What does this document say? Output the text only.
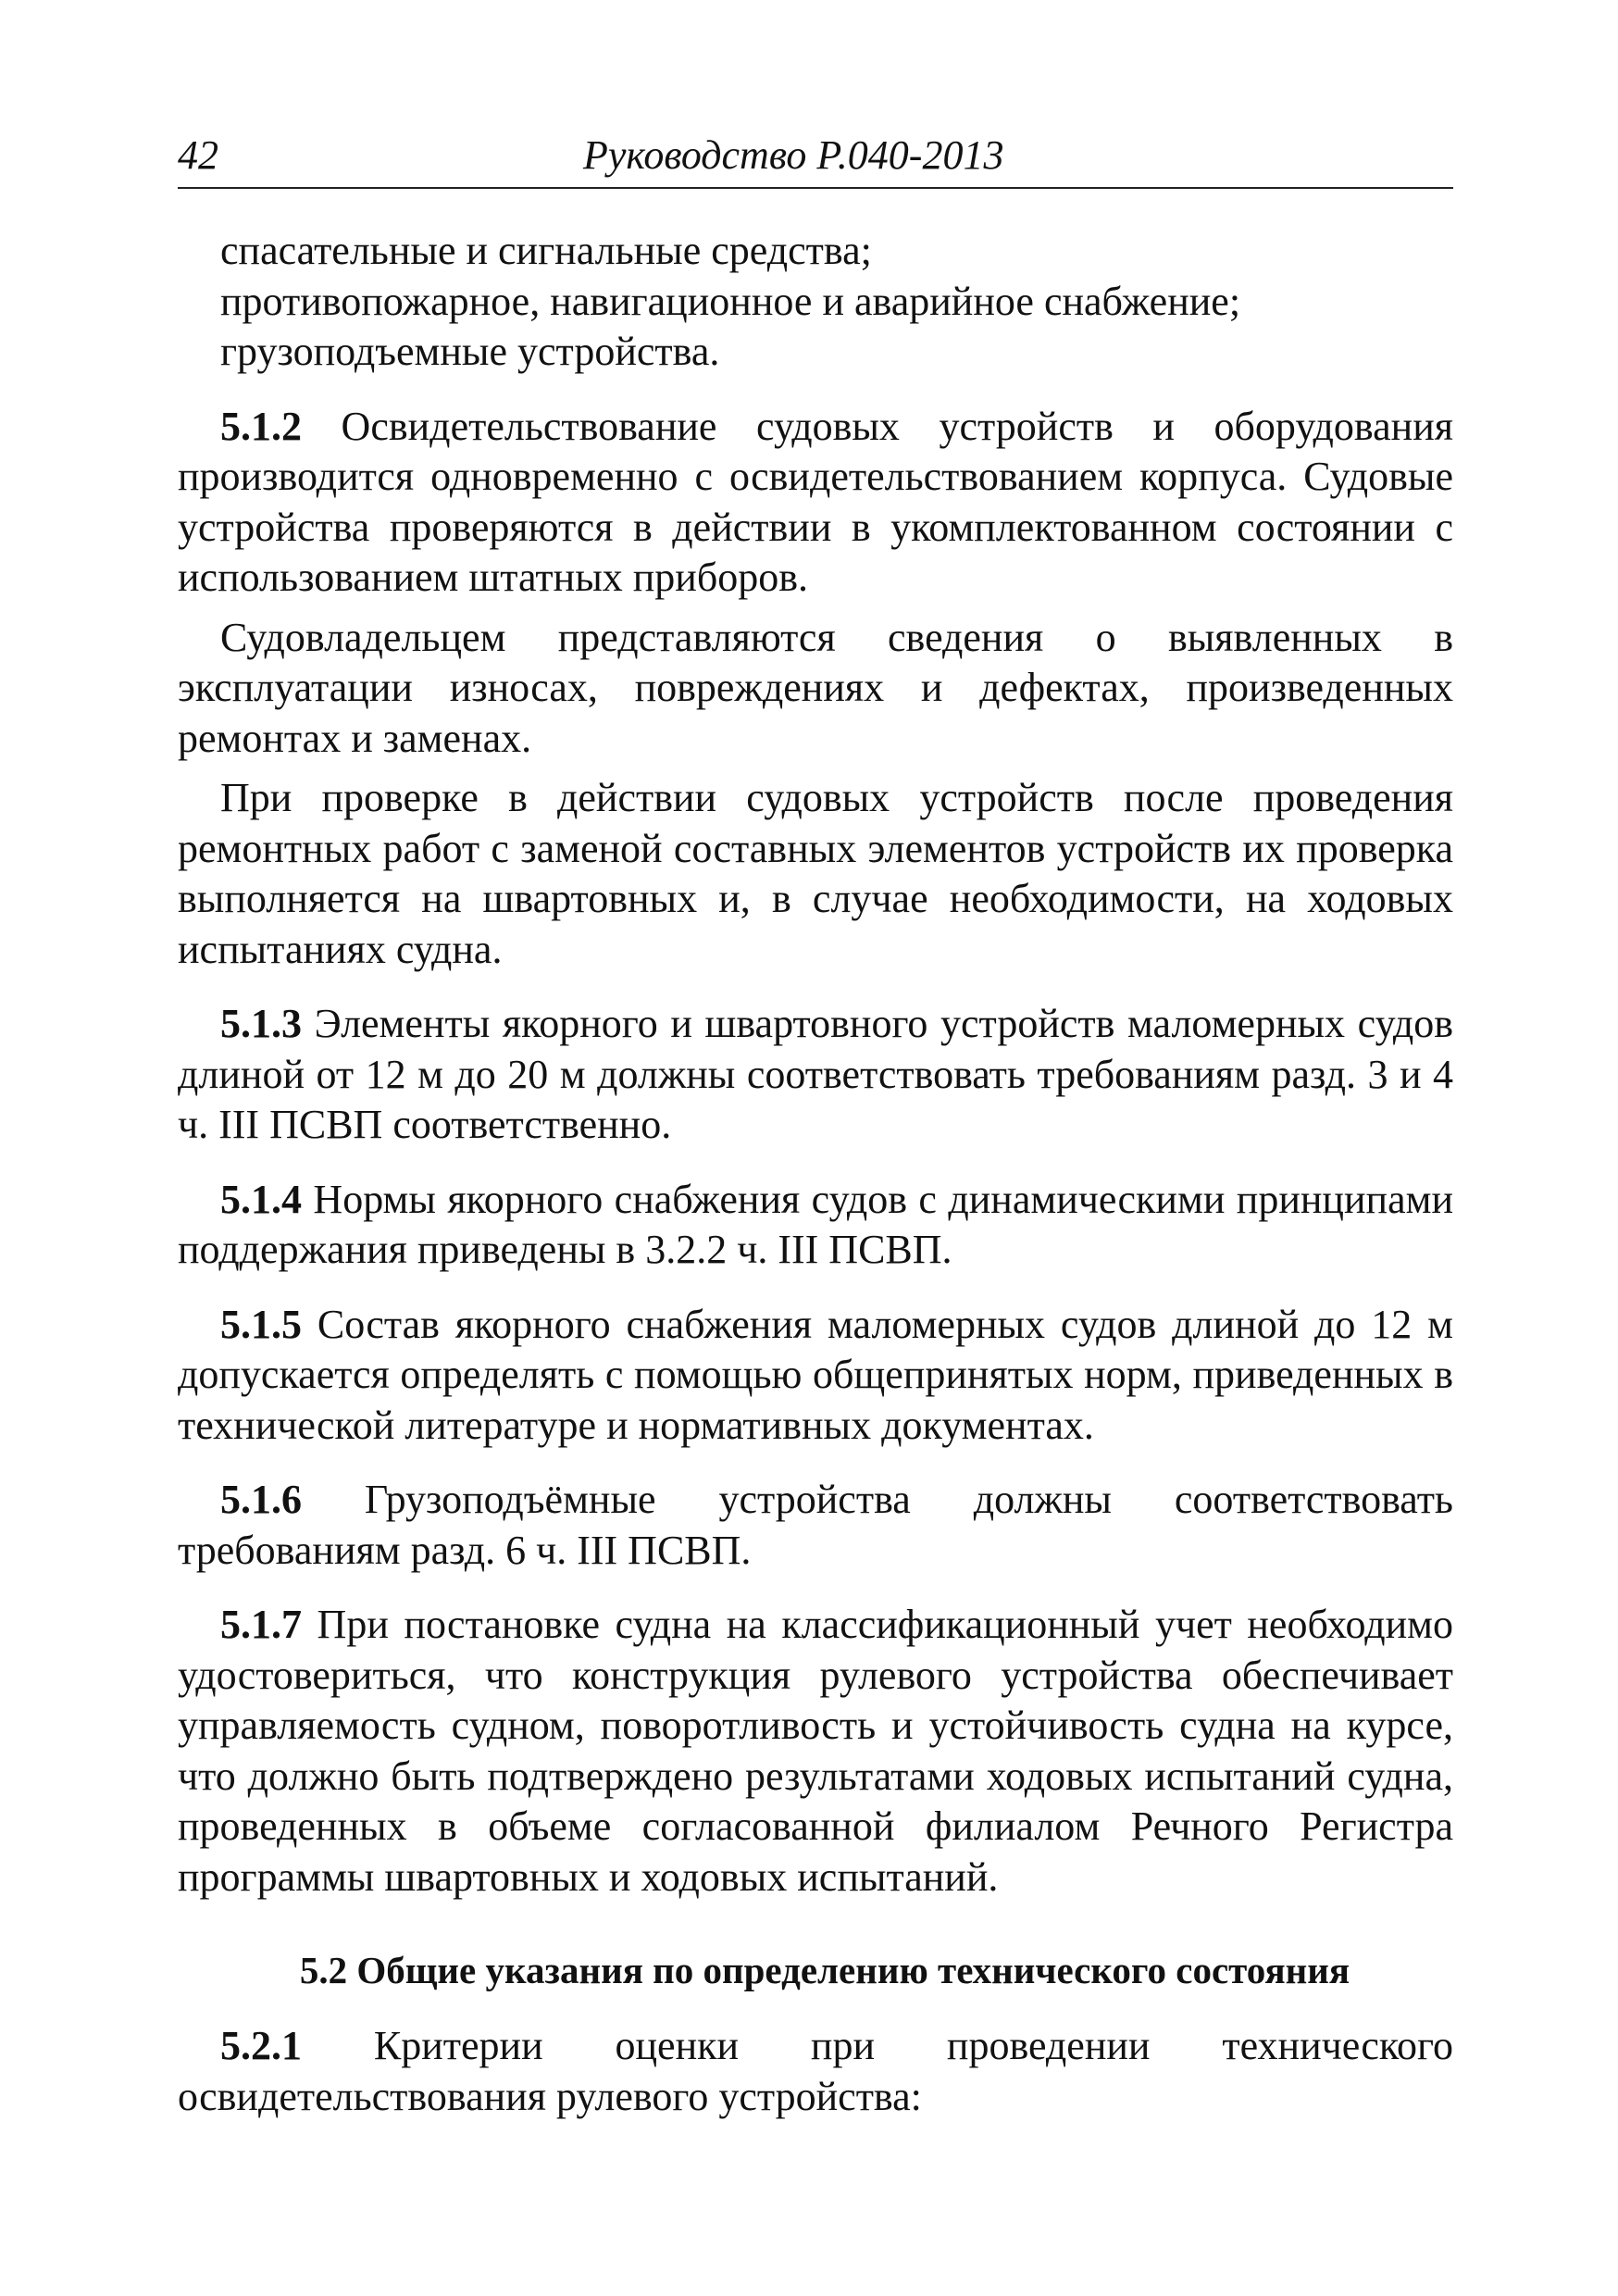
42	Руководство Р.040-2013

спасательные и сигнальные средства;

противопожарное, навигационное и аварийное снабжение;

грузоподъемные устройства.

5.1.2 Освидетельствование судовых устройств и оборудования производится одновременно с освидетельствованием корпуса. Судовые устройства проверяются в действии в укомплектованном состоянии с использованием штатных приборов.

Судовладельцем представляются сведения о выявленных в эксплуатации износах, повреждениях и дефектах, произведенных ремонтах и заменах.

При проверке в действии судовых устройств после проведения ремонтных работ с заменой составных элементов устройств их проверка выполняется на швартовных и, в случае необходимости, на ходовых испытаниях судна.

5.1.3 Элементы якорного и швартовного устройств маломерных судов длиной от 12 м до 20 м должны соответствовать требованиям разд. 3 и 4 ч. III ПСВП соответственно.

5.1.4 Нормы якорного снабжения судов с динамическими принципами поддержания приведены в 3.2.2 ч. III ПСВП.

5.1.5 Состав якорного снабжения маломерных судов длиной до 12 м допускается определять с помощью общепринятых норм, приведенных в технической литературе и нормативных документах.

5.1.6 Грузоподъёмные устройства должны соответствовать требованиям разд. 6 ч. III ПСВП.

5.1.7 При постановке судна на классификационный учет необходимо удостовериться, что конструкция рулевого устройства обеспечивает управляемость судном, поворотливость и устойчивость судна на курсе, что должно быть подтверждено результатами ходовых испытаний судна, проведенных в объеме согласованной филиалом Речного Регистра программы швартовных и ходовых испытаний.

5.2 Общие указания по определению технического состояния

5.2.1 Критерии оценки при проведении технического освидетельствования рулевого устройства:
